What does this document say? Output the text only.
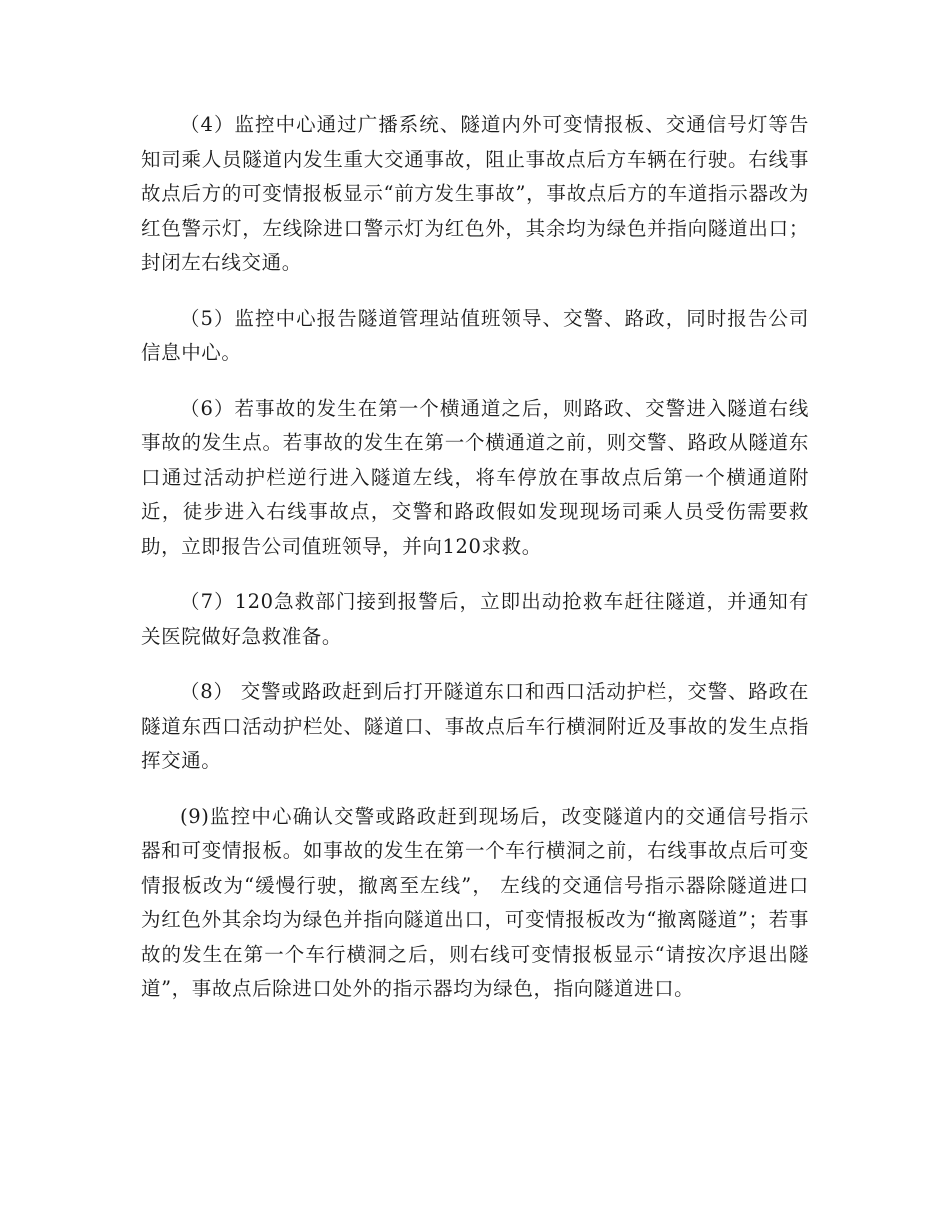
（4）监控中心通过广播系统、隧道内外可变情报板、交通信号灯等告知司乘人员隧道内发生重大交通事故，阻止事故点后方车辆在行驶。右线事故点后方的可变情报板显示“前方发生事故”，事故点后方的车道指示器改为红色警示灯，左线除进口警示灯为红色外，其余均为绿色并指向隧道出口；封闭左右线交通。

（5）监控中心报告隧道管理站值班领导、交警、路政，同时报告公司信息中心。

（6）若事故的发生在第一个横通道之后，则路政、交警进入隧道右线事故的发生点。若事故的发生在第一个横通道之前，则交警、路政从隧道东口通过活动护栏逆行进入隧道左线，将车停放在事故点后第一个横通道附近，徒步进入右线事故点，交警和路政假如发现现场司乘人员受伤需要救助，立即报告公司值班领导，并向120求救。

（7）120急救部门接到报警后，立即出动抢救车赶往隧道，并通知有关医院做好急救准备。

（8） 交警或路政赶到后打开隧道东口和西口活动护栏，交警、路政在隧道东西口活动护栏处、隧道口、事故点后车行横洞附近及事故的发生点指挥交通。

(9)监控中心确认交警或路政赶到现场后，改变隧道内的交通信号指示器和可变情报板。如事故的发生在第一个车行横洞之前，右线事故点后可变情报板改为“缓慢行驶，撤离至左线”， 左线的交通信号指示器除隧道进口为红色外其余均为绿色并指向隧道出口，可变情报板改为“撤离隧道”；若事故的发生在第一个车行横洞之后，则右线可变情报板显示“请按次序退出隧道”，事故点后除进口处外的指示器均为绿色，指向隧道进口。
